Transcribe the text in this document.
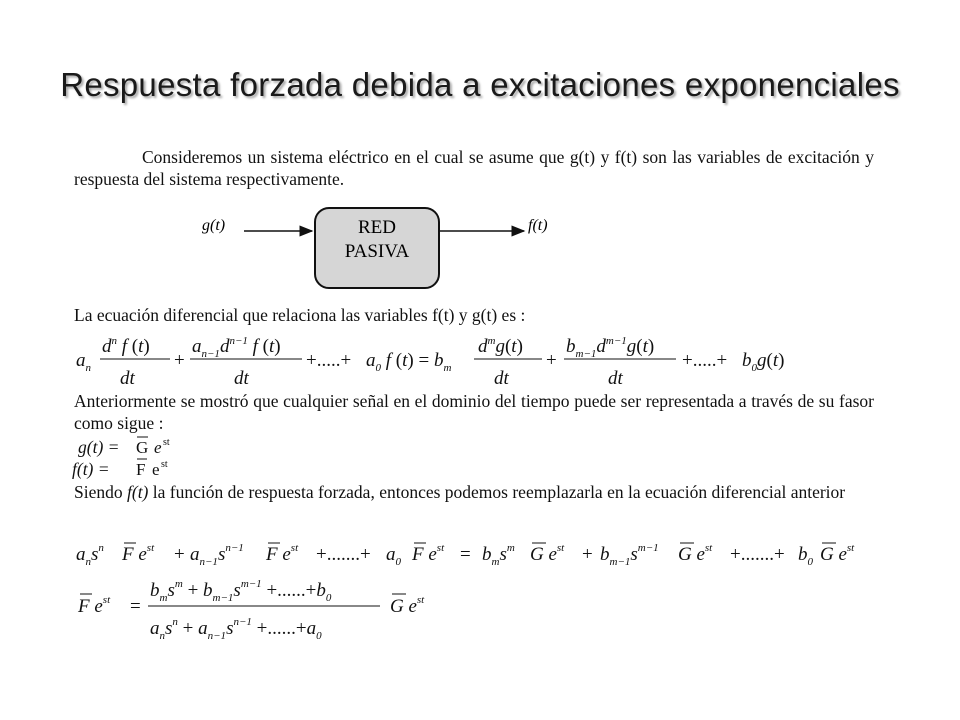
Respuesta forzada debida a excitaciones exponenciales
Consideremos un sistema eléctrico en el cual se asume que g(t) y f(t) son las variables de excitación y respuesta del sistema respectivamente.
g(t)	RED
PASIVA
f(t)
La ecuación diferencial que relaciona las variables f(t) y g(t) es :
$a_n$
$d^n$ f (t)
dt
+
$a_{n-1}d^{n-1}$ f (t)
dt
+.....+ $a_0$ f $(t) = b_m$
$d^mg(t)$
dt
+
$b_{m-1}d^{m-1}g(t)$
dt
+.....+ $b_0g(t)$
Anteriormente se mostró que cualquier señal en el dominio del tiempo puede ser representada a través de su fasor como sigue :
g(t) = G e st
f(t) = F e st
Siendo f(t) la función de respuesta forzada, entonces podemos reemplazarla en la ecuación diferencial anterior
$a_ns^n$ F $e^{st} + a_{n-1}s^{n-1}$ F $e^{st}$ +.......+ $a_0$ F $e^{st} = b_ms^m$ G $e^{st} + b_{m-1}s^{m-1}$ G $e^{st}$ +.......+ $b_0$ G $e^{st}$
F $e^{st}$ =
$b_ms^m + b_{m-1}s^{m-1} +......+b_0$
$a_ns^n + a_{n-1}s^{n-1} +......+a_0$
G $e^{st}$
